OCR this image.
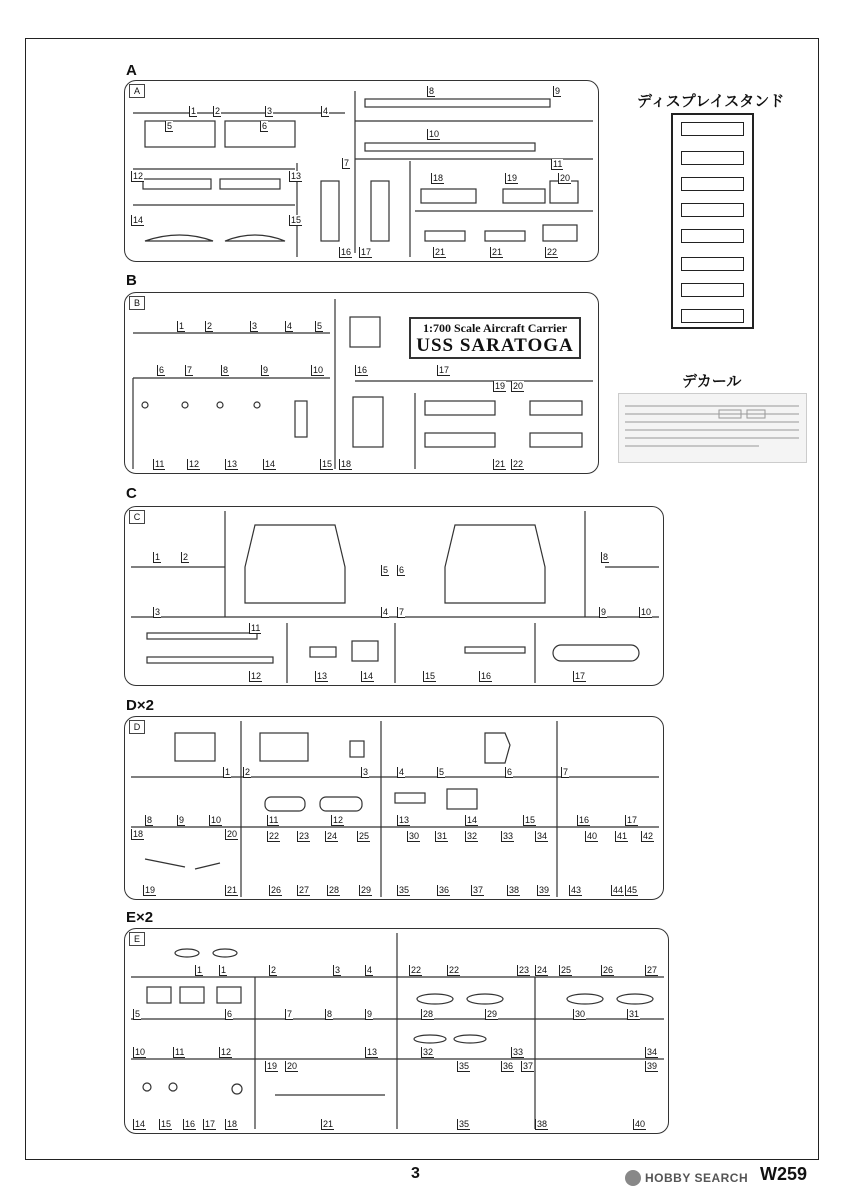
A
A
1 2	3	4
5	6
7
8	9
10
11
12	13
14	15
16 17
18	19	20
21	21	22
B
B
1:700 Scale Aircraft Carrier
USS SARATOGA
1	2	3	4	5
6	7	8	9	10
11	12	13	14	15
16	17
18
19 20
21 22
ディスプレイスタンド
デカール
C
C
1	2
3	4
5 6
7
8
9	10
11
12	13	14	15	16	17
D×2
D
1 2	3	4	5	6	7
8	9	10	11	12	13	14	15	16	17
18
19
20
21
22 23 24 25
26 27 28 29
30 31 32	33	34
35	36	37	38 39
40 41 42
43	44 45
E×2
E
1 1	2	3	4
5	6	7	8	9
10	11	12	13
14 15 16 17 18
19 20
21
22	22	23 24 25	26	27
28	29	30	31
32	33	34
35
35
36 37
38
39
40
3	HOBBY SEARCH W259
